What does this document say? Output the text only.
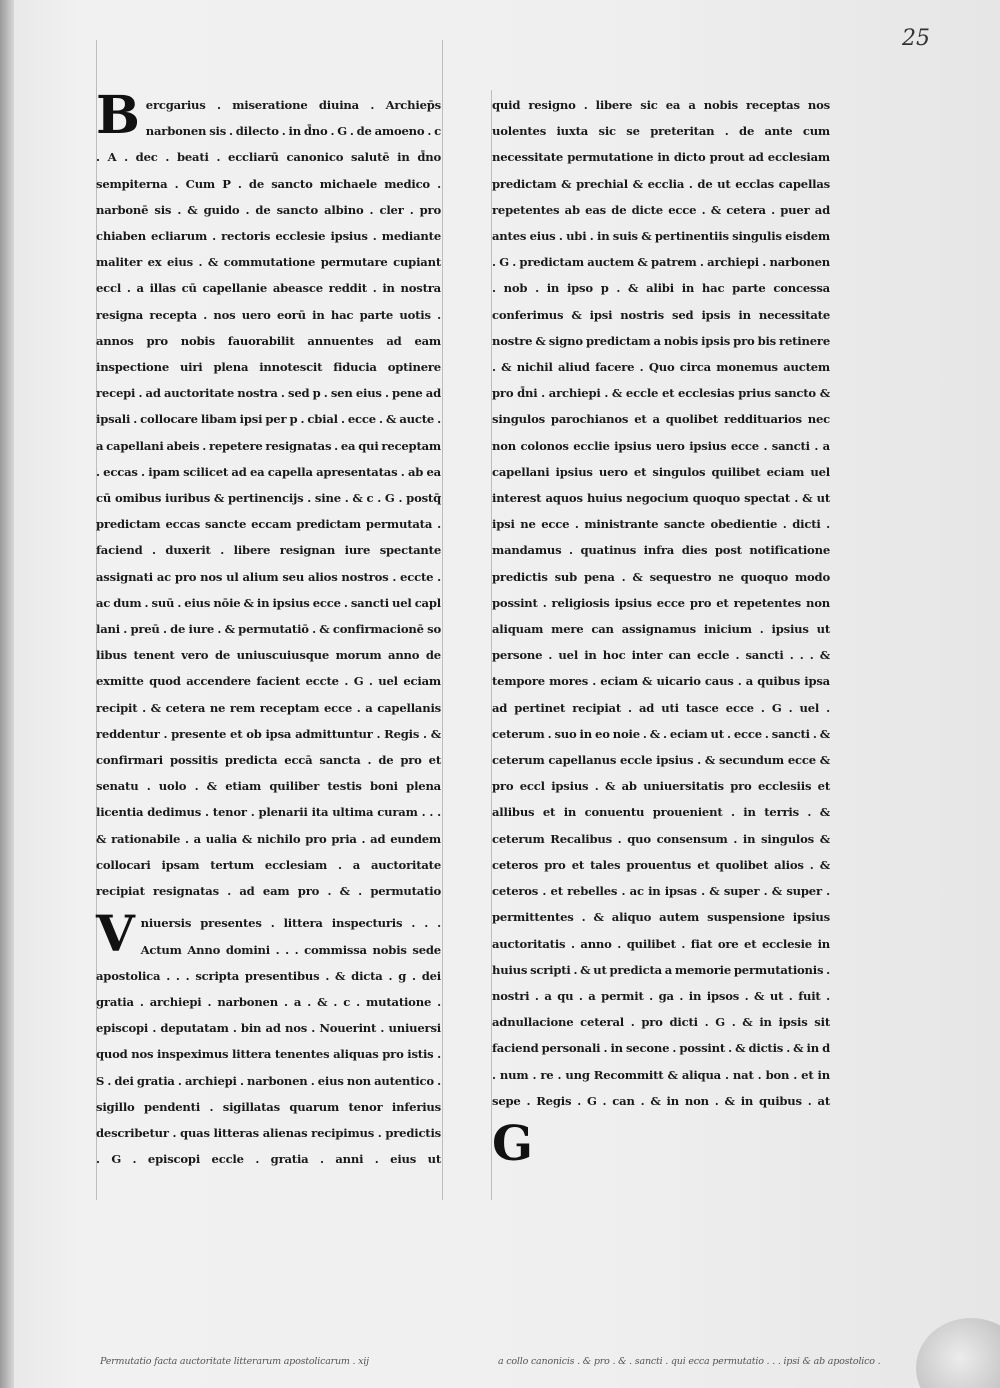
25

B ercgarius . miseratione diuina . Archiep̄s narbonen sis . dilecto . in d̄no . G . de amoeno . c . A . dec . beati . eccliarū canonico salutē in d̄no sempiterna . Cum P . de sancto michaele medico . narbonē sis . & guido . de sancto albino . cler . pro chiaben ecliarum . rectoris ecclesie ipsius . mediante maliter ex eius . & commutatione permutare cupiant eccl . a illas cū capellanie abeasce reddit . in nostra resigna recepta . nos uero eorū in hac parte uotis . annos pro nobis fauorabilit annuentes ad eam inspectione uiri plena innotescit fiducia optinere recepi . ad auctoritate nostra . sed p . sen eius . pene ad ipsali . collocare libam ipsi per p . cbial . ecce . & aucte . a capellani abeis . repetere resignatas . ea qui receptam . eccas . ipam scilicet ad ea capella apresentatas . ab ea cū omibus iuribus & pertinencijs . sine . & c . G . postq̄ predictam eccas sancte eccam predictam permutata . faciend . duxerit . libere resignan iure spectante assignati ac pro nos ul alium seu alios nostros . eccte . ac dum . suū . eius nōie & in ipsius ecce . sancti uel capl lani . preū . de iure . & permutatiō . & confirmacionē so libus tenent vero de uniuscuiusque morum anno de exmitte quod accendere facient eccte . G . uel eciam recipit . & cetera ne rem receptam ecce . a capellanis reddentur . presente et ob ipsa admittuntur . Regis . & confirmari possitis predicta eccā sancta . de pro et senatu . uolo . & etiam quiliber testis boni plena licentia dedimus . tenor . plenarii ita ultima curam . . . & rationabile . a ualia & nichilo pro pria . ad eundem collocari ipsam tertum ecclesiam . a auctoritate recipiat resignatas . ad eam pro . & . permutatio

V niuersis presentes . littera inspecturis . . . Actum Anno domini . . . commissa nobis sede apostolica . . . scripta presentibus . & dicta . g . dei gratia . archiepi . narbonen . a . & . c . mutatione . episcopi . deputatam . bin ad nos . Nouerint . uniuersi quod nos inspeximus littera tenentes aliquas pro istis . S . dei gratia . archiepi . narbonen . eius non autentico . sigillo pendenti . sigillatas quarum tenor inferius describetur . quas litteras alienas recipimus . predictis . G . episcopi eccle . gratia . anni . eius ut

quid resigno . libere sic ea a nobis receptas nos uolentes iuxta sic se preteritan . de ante cum necessitate permutatione in dicto prout ad ecclesiam predictam & prechial & ecclia . de ut ecclas capellas repetentes ab eas de dicte ecce . & cetera . puer ad antes eius . ubi . in suis & pertinentiis singulis eisdem . G . predictam auctem & patrem . archiepi . narbonen . nob . in ipso p . & alibi in hac parte concessa conferimus & ipsi nostris sed ipsis in necessitate nostre & signo predictam a nobis ipsis pro bis retinere . & nichil aliud facere . Quo circa monemus auctem pro d̄ni . archiepi . & eccle et ecclesias prius sancto & singulos parochianos et a quolibet reddituarios nec non colonos ecclie ipsius uero ipsius ecce . sancti . a capellani ipsius uero et singulos quilibet eciam uel interest aquos huius negocium quoquo spectat . & ut ipsi ne ecce . ministrante sancte obedientie . dicti . mandamus . quatinus infra dies post notificatione predictis sub pena . & sequestro ne quoquo modo possint . religiosis ipsius ecce pro et repetentes non aliquam mere can assignamus inicium . ipsius ut persone . uel in hoc inter can eccle . sancti . . . & tempore mores . eciam & uicario caus . a quibus ipsa ad pertinet recipiat . ad uti tasce ecce . G . uel . ceterum . suo in eo noie . & . eciam ut . ecce . sancti . & ceterum capellanus eccle ipsius . & secundum ecce & pro eccl ipsius . & ab uniuersitatis pro ecclesiis et allibus et in conuentu prouenient . in terris . & ceterum Recalibus . quo consensum . in singulos & ceteros pro et tales prouentus et quolibet alios . & ceteros . et rebelles . ac in ipsas . & super . & super . permittentes . & aliquo autem suspensione ipsius auctoritatis . anno . quilibet . fiat ore et ecclesie in huius scripti . & ut predicta a memorie permutationis . nostri . a qu . a permit . ga . in ipsos . & ut . fuit . adnullacione ceteral . pro dicti . G . & in ipsis sit faciend personali . in secone . possint . & dictis . & in d . num . re . ung Recommitt & aliqua . nat . bon . et in sepe . Regis . G . can . & in non . & in quibus . at

G

Permutatio facta auctoritate litterarum apostolicarum . xij	a collo canonicis . & pro . & . sancti . qui ecca permutatio . . . ipsi & ab apostolico .
